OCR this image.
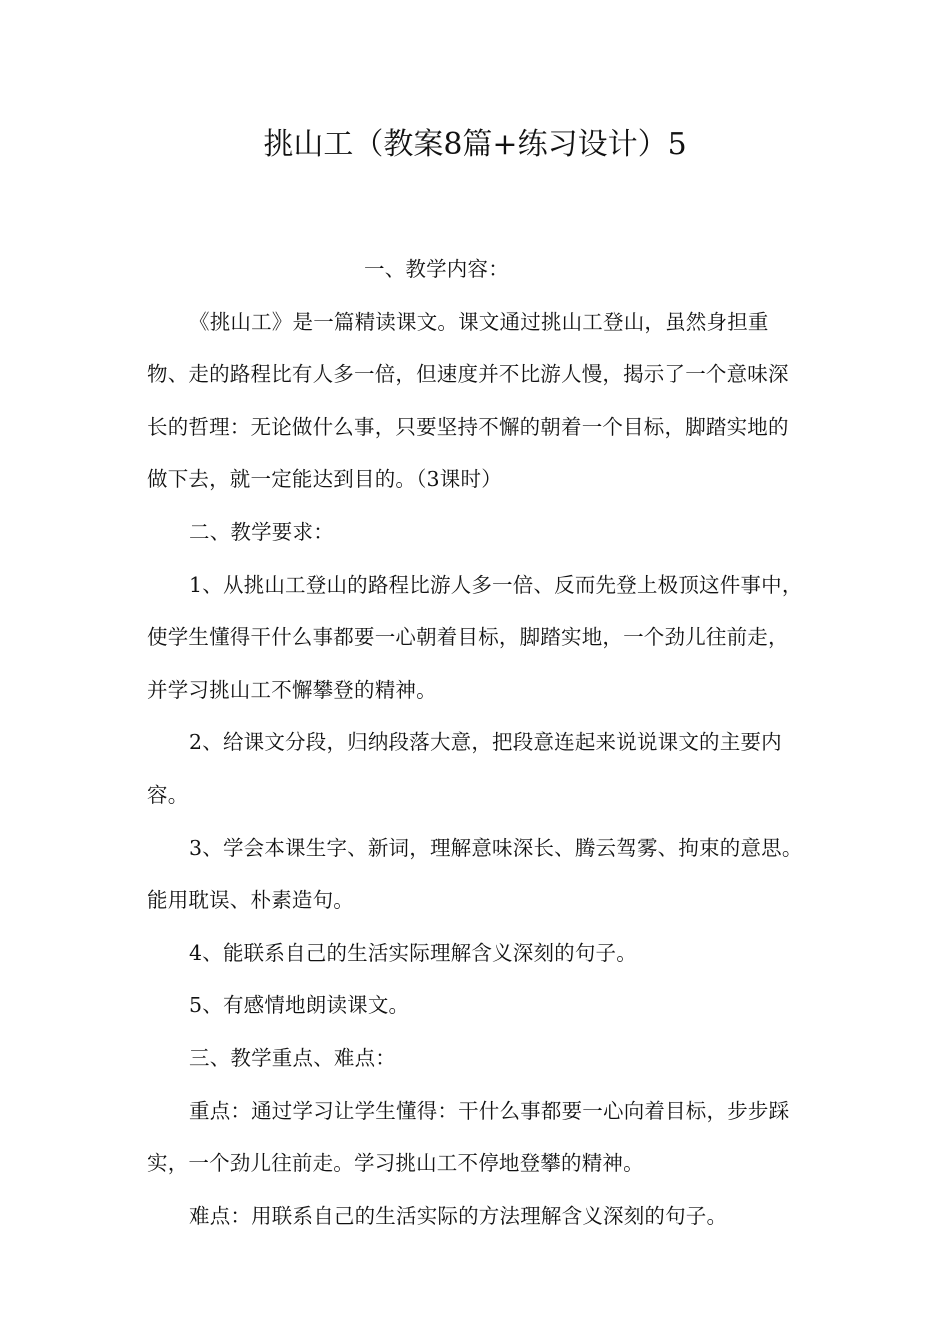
挑山工（教案8篇+练习设计）5

一、教学内容：

《挑山工》是一篇精读课文。课文通过挑山工登山，虽然身担重物、走的路程比有人多一倍，但速度并不比游人慢，揭示了一个意味深长的哲理：无论做什么事，只要坚持不懈的朝着一个目标，脚踏实地的做下去，就一定能达到目的。（3课时）

二、教学要求：

1、从挑山工登山的路程比游人多一倍、反而先登上极顶这件事中，使学生懂得干什么事都要一心朝着目标，脚踏实地，一个劲儿往前走，并学习挑山工不懈攀登的精神。

2、给课文分段，归纳段落大意，把段意连起来说说课文的主要内容。

3、学会本课生字、新词，理解意味深长、腾云驾雾、拘束的意思。能用耽误、朴素造句。

4、能联系自己的生活实际理解含义深刻的句子。

5、有感情地朗读课文。

三、教学重点、难点：

重点：通过学习让学生懂得：干什么事都要一心向着目标，步步踩实，一个劲儿往前走。学习挑山工不停地登攀的精神。

难点：用联系自己的生活实际的方法理解含义深刻的句子。
